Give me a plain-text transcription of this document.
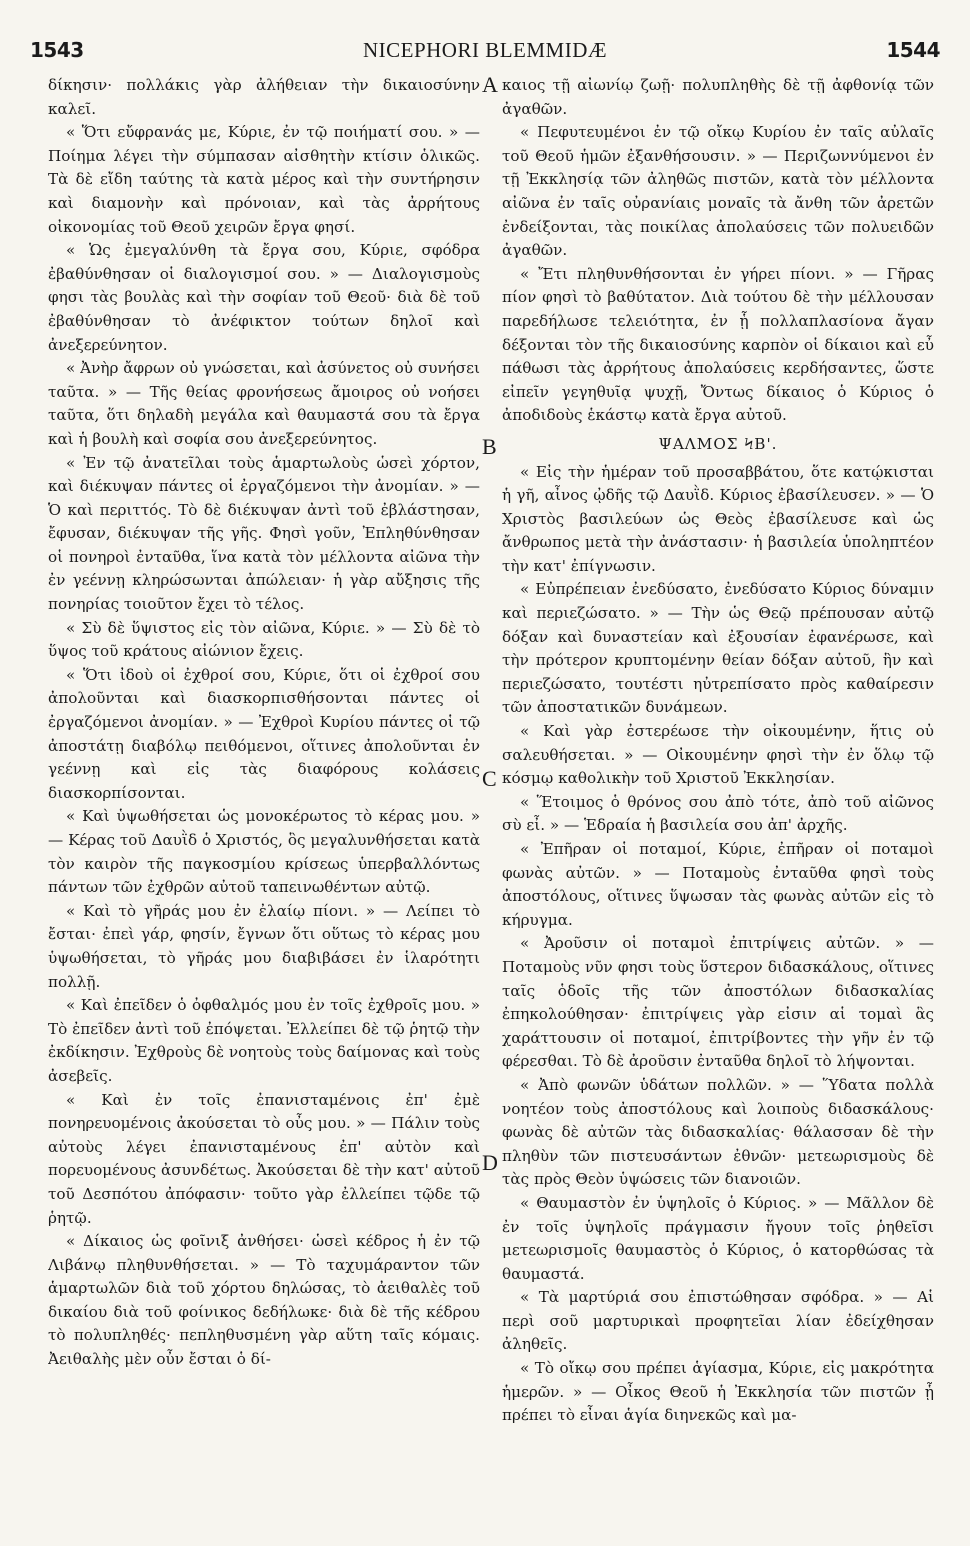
1543	NICEPHORI BLEMMIDÆ	1544

δίκησιν· πολλάκις γὰρ ἀλήθειαν τὴν δικαιοσύνην καλεῖ.

« Ὅτι εὔφρανάς με, Κύριε, ἐν τῷ ποιήματί σου. » — Ποίημα λέγει τὴν σύμπασαν αἰσθητὴν κτίσιν ὁλικῶς. Τὰ δὲ εἴδη ταύτης τὰ κατὰ μέρος καὶ τὴν συντήρησιν καὶ διαμονὴν καὶ πρόνοιαν, καὶ τὰς ἀρρήτους οἰκονομίας τοῦ Θεοῦ χειρῶν ἔργα φησί.

« Ὡς ἐμεγαλύνθη τὰ ἔργα σου, Κύριε, σφόδρα ἐβαθύνθησαν οἱ διαλογισμοί σου. » — Διαλογισμοὺς φησι τὰς βουλὰς καὶ τὴν σοφίαν τοῦ Θεοῦ· διὰ δὲ τοῦ ἐβαθύνθησαν τὸ ἀνέφικτον τούτων δηλοῖ καὶ ἀνεξερεύνητον.

« Ἀνὴρ ἄφρων οὐ γνώσεται, καὶ ἀσύνετος οὐ συνήσει ταῦτα. » — Τῆς θείας φρονήσεως ἄμοιρος οὐ νοήσει ταῦτα, ὅτι δηλαδὴ μεγάλα καὶ θαυμαστά σου τὰ ἔργα καὶ ἡ βουλὴ καὶ σοφία σου ἀνεξερεύνητος.

« Ἐν τῷ ἀνατεῖλαι τοὺς ἁμαρτωλοὺς ὡσεὶ χόρτον, καὶ διέκυψαν πάντες οἱ ἐργαζόμενοι τὴν ἀνομίαν. » — Ὁ καὶ περιττός. Τὸ δὲ διέκυψαν ἀντὶ τοῦ ἐβλάστησαν, ἔφυσαν, διέκυψαν τῆς γῆς. Φησὶ γοῦν, Ἐπληθύνθησαν οἱ πονηροὶ ἐνταῦθα, ἵνα κατὰ τὸν μέλλοντα αἰῶνα τὴν ἐν γεέννῃ κληρώσωνται ἀπώλειαν· ἡ γὰρ αὔξησις τῆς πονηρίας τοιοῦτον ἔχει τὸ τέλος.

« Σὺ δὲ ὕψιστος εἰς τὸν αἰῶνα, Κύριε. » — Σὺ δὲ τὸ ὕψος τοῦ κράτους αἰώνιον ἔχεις.

« Ὅτι ἰδοὺ οἱ ἐχθροί σου, Κύριε, ὅτι οἱ ἐχθροί σου ἀπολοῦνται καὶ διασκορπισθήσονται πάντες οἱ ἐργαζόμενοι ἀνομίαν. » — Ἐχθροὶ Κυρίου πάντες οἱ τῷ ἀποστάτῃ διαβόλῳ πειθόμενοι, οἵτινες ἀπολοῦνται ἐν γεέννῃ καὶ εἰς τὰς διαφόρους κολάσεις διασκορπίσονται.

« Καὶ ὑψωθήσεται ὡς μονοκέρωτος τὸ κέρας μου. » — Κέρας τοῦ Δαυῒδ ὁ Χριστός, ὃς μεγαλυνθήσεται κατὰ τὸν καιρὸν τῆς παγκοσμίου κρίσεως ὑπερβαλλόντως πάντων τῶν ἐχθρῶν αὐτοῦ ταπεινωθέντων αὐτῷ.

« Καὶ τὸ γῆράς μου ἐν ἐλαίῳ πίονι. » — Λείπει τὸ ἔσται· ἐπεὶ γάρ, φησίν, ἔγνων ὅτι οὕτως τὸ κέρας μου ὑψωθήσεται, τὸ γῆράς μου διαβιβάσει ἐν ἱλαρότητι πολλῇ.

« Καὶ ἐπεῖδεν ὁ ὀφθαλμός μου ἐν τοῖς ἐχθροῖς μου. » Τὸ ἐπεῖδεν ἀντὶ τοῦ ἐπόψεται. Ἐλλείπει δὲ τῷ ῥητῷ τὴν ἐκδίκησιν. Ἐχθροὺς δὲ νοητοὺς τοὺς δαίμονας καὶ τοὺς ἀσεβεῖς.

« Καὶ ἐν τοῖς ἐπανισταμένοις ἐπ' ἐμὲ πονηρευομένοις ἀκούσεται τὸ οὖς μου. » — Πάλιν τοὺς αὐτοὺς λέγει ἐπανισταμένους ἐπ' αὐτὸν καὶ πορευομένους ἀσυνδέτως. Ἀκούσεται δὲ τὴν κατ' αὐτοῦ τοῦ Δεσπότου ἀπόφασιν· τοῦτο γὰρ ἐλλείπει τῷδε τῷ ῥητῷ.

« Δίκαιος ὡς φοῖνιξ ἀνθήσει· ὡσεὶ κέδρος ἡ ἐν τῷ Λιβάνῳ πληθυνθήσεται. » — Τὸ ταχυμάραντον τῶν ἁμαρτωλῶν διὰ τοῦ χόρτου δηλώσας, τὸ ἀειθαλὲς τοῦ δικαίου διὰ τοῦ φοίνικος δεδήλωκε· διὰ δὲ τῆς κέδρου τὸ πολυπληθές· πεπληθυσμένη γὰρ αὕτη ταῖς κόμαις. Ἀειθαλὴς μὲν οὖν ἔσται ὁ δί-

καιος τῇ αἰωνίῳ ζωῇ· πολυπληθὴς δὲ τῇ ἀφθονίᾳ τῶν ἀγαθῶν.

« Πεφυτευμένοι ἐν τῷ οἴκῳ Κυρίου ἐν ταῖς αὐλαῖς τοῦ Θεοῦ ἡμῶν ἐξανθήσουσιν. » — Περιζωννύμενοι ἐν τῇ Ἐκκλησίᾳ τῶν ἀληθῶς πιστῶν, κατὰ τὸν μέλλοντα αἰῶνα ἐν ταῖς οὐρανίαις μοναῖς τὰ ἄνθη τῶν ἀρετῶν ἐνδείξονται, τὰς ποικίλας ἀπολαύσεις τῶν πολυειδῶν ἀγαθῶν.

« Ἔτι πληθυνθήσονται ἐν γήρει πίονι. » — Γῆρας πίον φησὶ τὸ βαθύτατον. Διὰ τούτου δὲ τὴν μέλλουσαν παρεδήλωσε τελειότητα, ἐν ᾗ πολλαπλασίονα ἄγαν δέξονται τὸν τῆς δικαιοσύνης καρπὸν οἱ δίκαιοι καὶ εὖ πάθωσι τὰς ἀρρήτους ἀπολαύσεις κερδήσαντες, ὥστε εἰπεῖν γεγηθυῖᾳ ψυχῇ, Ὄντως δίκαιος ὁ Κύριος ὁ ἀποδιδοὺς ἑκάστῳ κατὰ ἔργα αὐτοῦ.

ΨΑΛΜΟΣ ϞΒ'.

« Εἰς τὴν ἡμέραν τοῦ προσαββάτου, ὅτε κατῴκισται ἡ γῆ, αἶνος ᾠδῆς τῷ Δαυῒδ. Κύριος ἐβασίλευσεν. » — Ὁ Χριστὸς βασιλεύων ὡς Θεὸς ἐβασίλευσε καὶ ὡς ἄνθρωπος μετὰ τὴν ἀνάστασιν· ἡ βασιλεία ὑποληπτέον τὴν κατ' ἐπίγνωσιν.

« Εὐπρέπειαν ἐνεδύσατο, ἐνεδύσατο Κύριος δύναμιν καὶ περιεζώσατο. » — Τὴν ὡς Θεῷ πρέπουσαν αὐτῷ δόξαν καὶ δυναστείαν καὶ ἐξουσίαν ἐφανέρωσε, καὶ τὴν πρότερον κρυπτομένην θείαν δόξαν αὐτοῦ, ἣν καὶ περιεζώσατο, τουτέστι ηὐτρεπίσατο πρὸς καθαίρεσιν τῶν ἀποστατικῶν δυνάμεων.

« Καὶ γὰρ ἐστερέωσε τὴν οἰκουμένην, ἥτις οὐ σαλευθήσεται. » — Οἰκουμένην φησὶ τὴν ἐν ὅλῳ τῷ κόσμῳ καθολικὴν τοῦ Χριστοῦ Ἐκκλησίαν.

« Ἕτοιμος ὁ θρόνος σου ἀπὸ τότε, ἀπὸ τοῦ αἰῶνος σὺ εἶ. » — Ἑδραία ἡ βασιλεία σου ἀπ' ἀρχῆς.

« Ἐπῆραν οἱ ποταμοί, Κύριε, ἐπῆραν οἱ ποταμοὶ φωνὰς αὐτῶν. » — Ποταμοὺς ἐνταῦθα φησὶ τοὺς ἀποστόλους, οἵτινες ὕψωσαν τὰς φωνὰς αὐτῶν εἰς τὸ κήρυγμα.

« Ἀροῦσιν οἱ ποταμοὶ ἐπιτρίψεις αὐτῶν. » — Ποταμοὺς νῦν φησι τοὺς ὕστερον διδασκάλους, οἵτινες ταῖς ὁδοῖς τῆς τῶν ἀποστόλων διδασκαλίας ἐπηκολούθησαν· ἐπιτρίψεις γὰρ εἰσιν αἱ τομαὶ ἃς χαράττουσιν οἱ ποταμοί, ἐπιτρίβοντες τὴν γῆν ἐν τῷ φέρεσθαι. Τὸ δὲ ἀροῦσιν ἐνταῦθα δηλοῖ τὸ λήψονται.

« Ἀπὸ φωνῶν ὑδάτων πολλῶν. » — Ὕδατα πολλὰ νοητέον τοὺς ἀποστόλους καὶ λοιποὺς διδασκάλους· φωνὰς δὲ αὐτῶν τὰς διδασκαλίας· θάλασσαν δὲ τὴν πληθὺν τῶν πιστευσάντων ἐθνῶν· μετεωρισμοὺς δὲ τὰς πρὸς Θεὸν ὑψώσεις τῶν διανοιῶν.

« Θαυμαστὸν ἐν ὑψηλοῖς ὁ Κύριος. » — Μᾶλλον δὲ ἐν τοῖς ὑψηλοῖς πράγμασιν ἤγουν τοῖς ῥηθεῖσι μετεωρισμοῖς θαυμαστὸς ὁ Κύριος, ὁ κατορθώσας τὰ θαυμαστά.

« Τὰ μαρτύριά σου ἐπιστώθησαν σφόδρα. » — Αἱ περὶ σοῦ μαρτυρικαὶ προφητεῖαι λίαν ἐδείχθησαν ἀληθεῖς.

« Τὸ οἴκῳ σου πρέπει ἁγίασμα, Κύριε, εἰς μακρότητα ἡμερῶν. » — Οἶκος Θεοῦ ἡ Ἐκκλησία τῶν πιστῶν ᾗ πρέπει τὸ εἶναι ἁγία διηνεκῶς καὶ μα-

A
B
C
D
